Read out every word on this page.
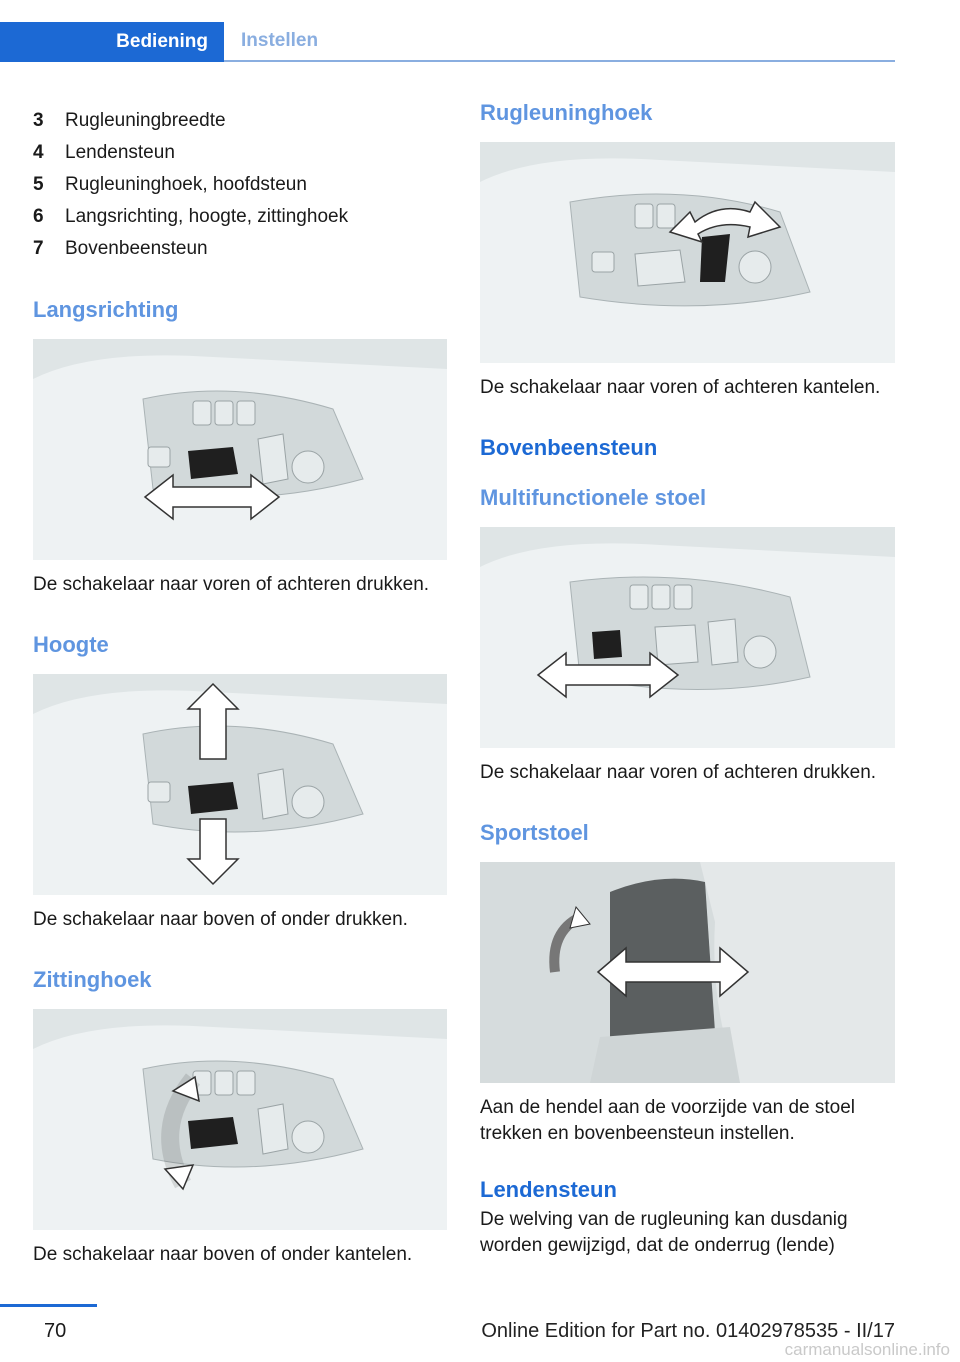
Bediening	Instellen
3	Rugleuningbreedte
4	Lendensteun
5	Rugleuninghoek, hoofdsteun
6	Langsrichting, hoogte, zittinghoek
7	Bovenbeensteun
Langsrichting

De schakelaar naar voren of achteren drukken.

Hoogte

De schakelaar naar boven of onder drukken.

Zittinghoek

De schakelaar naar boven of onder kantelen.

Rugleuninghoek

De schakelaar naar voren of achteren kantelen.

Bovenbeensteun
Multifunctionele stoel

De schakelaar naar voren of achteren drukken.

Sportstoel

Aan de hendel aan de voorzijde van de stoel trekken en bovenbeensteun instellen.

Lendensteun

De welving van de rugleuning kan dusdanig worden gewijzigd, dat de onderrug (lende)

70	Online Edition for Part no. 01402978535 - II/17
carmanualsonline.info
